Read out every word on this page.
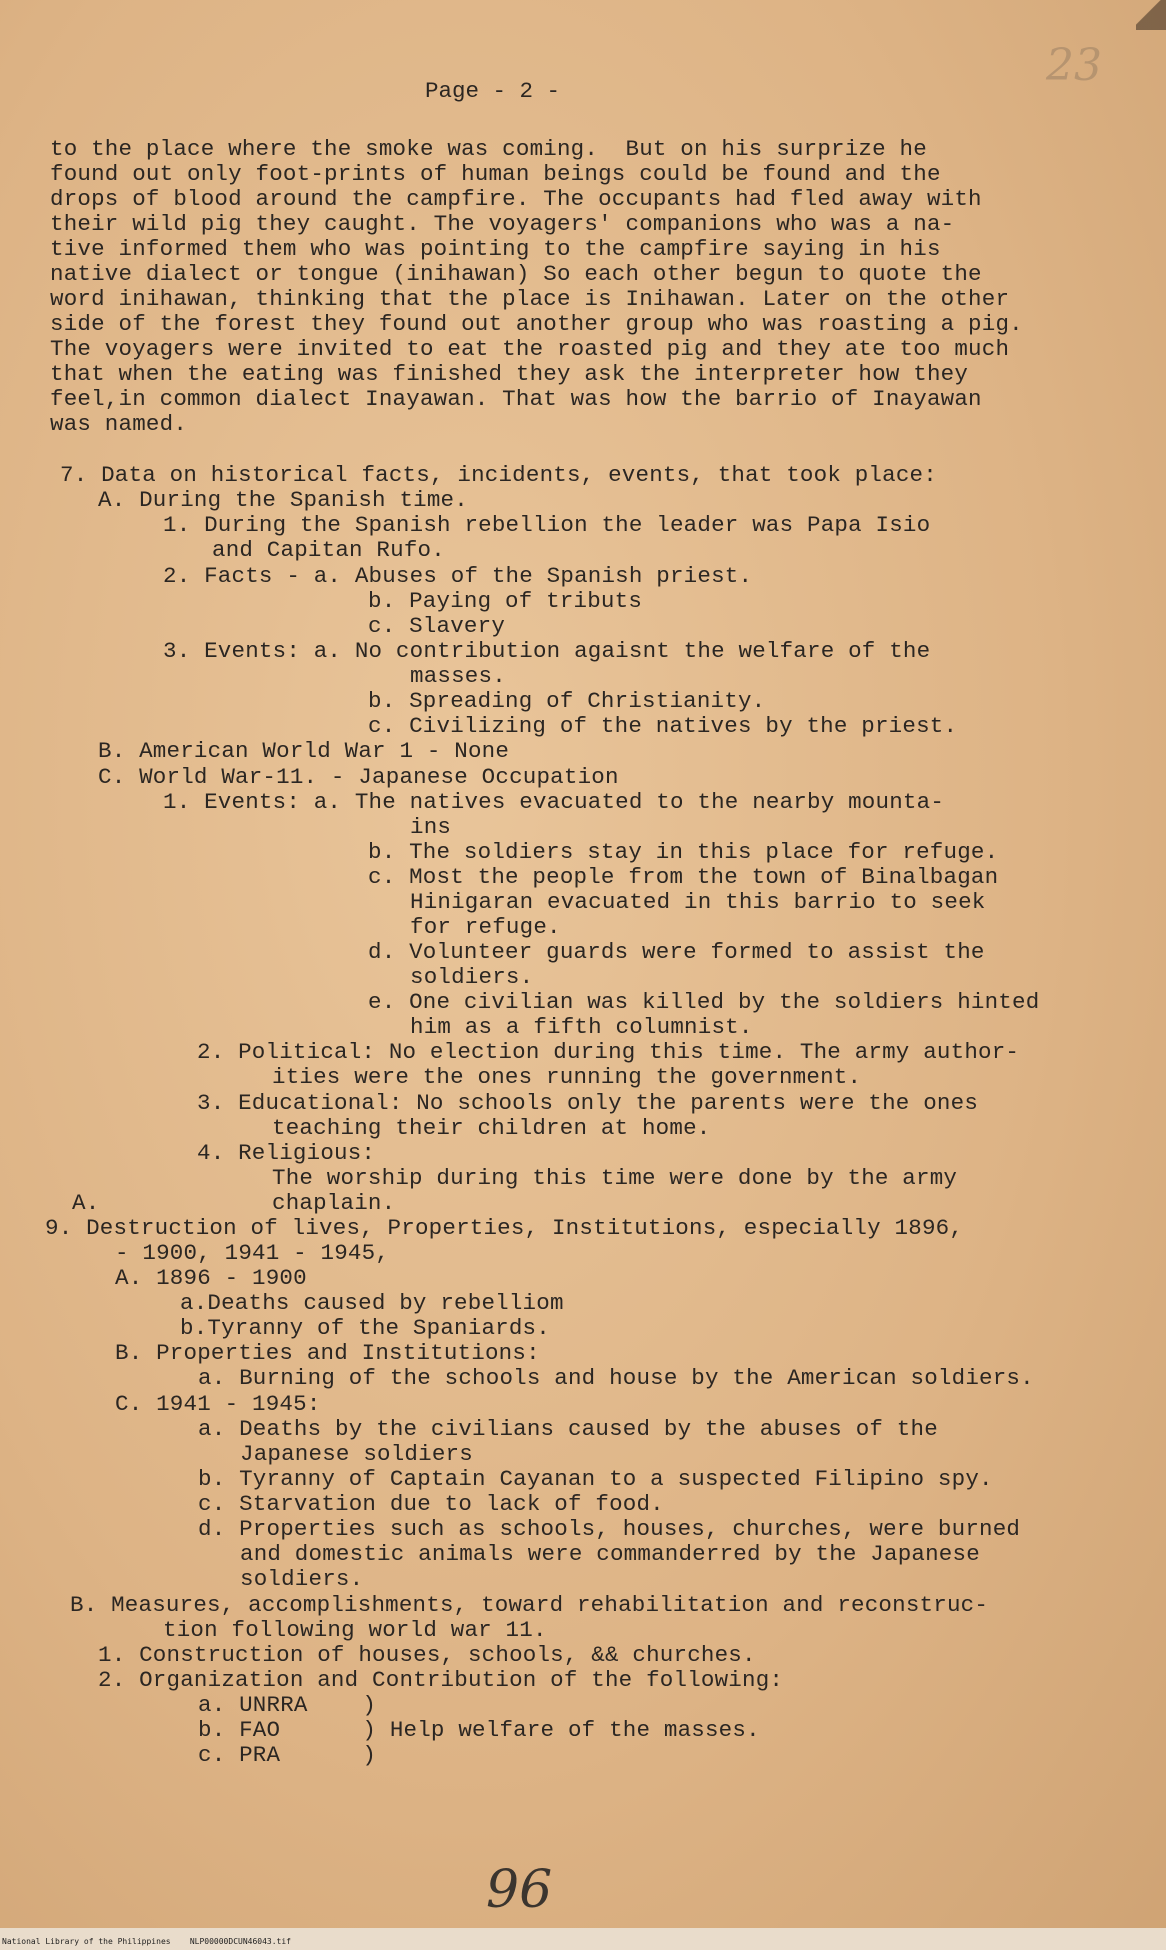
23
Page - 2 -
to the place where the smoke was coming.  But on his surprize he
found out only foot-prints of human beings could be found and the
drops of blood around the campfire. The occupants had fled away with
their wild pig they caught. The voyagers' companions who was a na-
tive informed them who was pointing to the campfire saying in his
native dialect or tongue (inihawan) So each other begun to quote the
word inihawan, thinking that the place is Inihawan. Later on the other
side of the forest they found out another group who was roasting a pig.
The voyagers were invited to eat the roasted pig and they ate too much
that when the eating was finished they ask the interpreter how they
feel,in common dialect Inayawan. That was how the barrio of Inayawan
was named.
7. Data on historical facts, incidents, events, that took place:
A. During the Spanish time.
1. During the Spanish rebellion the leader was Papa Isio
and Capitan Rufo.
2. Facts - a. Abuses of the Spanish priest.
b. Paying of tributs
c. Slavery
3. Events: a. No contribution agaisnt the welfare of the
masses.
b. Spreading of Christianity.
c. Civilizing of the natives by the priest.
B. American World War 1 - None
C. World War-11. - Japanese Occupation
1. Events: a. The natives evacuated to the nearby mounta-
ins
b. The soldiers stay in this place for refuge.
c. Most the people from the town of Binalbagan
Hinigaran evacuated in this barrio to seek
for refuge.
d. Volunteer guards were formed to assist the
soldiers.
e. One civilian was killed by the soldiers hinted
him as a fifth columnist.
2. Political: No election during this time. The army author-
ities were the ones running the government.
3. Educational: No schools only the parents were the ones
teaching their children at home.
4. Religious:
The worship during this time were done by the army
A.	chaplain.
9. Destruction of lives, Properties, Institutions, especially 1896,
- 1900, 1941 - 1945,
A. 1896 - 1900
a.Deaths caused by rebelliom
b.Tyranny of the Spaniards.
B. Properties and Institutions:
a. Burning of the schools and house by the American soldiers.
C. 1941 - 1945:
a. Deaths by the civilians caused by the abuses of the
Japanese soldiers
b. Tyranny of Captain Cayanan to a suspected Filipino spy.
c. Starvation due to lack of food.
d. Properties such as schools, houses, churches, were burned
and domestic animals were commanderred by the Japanese
soldiers.
B. Measures, accomplishments, toward rehabilitation and reconstruc-
tion following world war 11.
1. Construction of houses, schools, && churches.
2. Organization and Contribution of the following:
a. UNRRA    )
b. FAO      ) Help welfare of the masses.
c. PRA      )
96
National Library of the Philippines    NLP00000DCUN46043.tif
